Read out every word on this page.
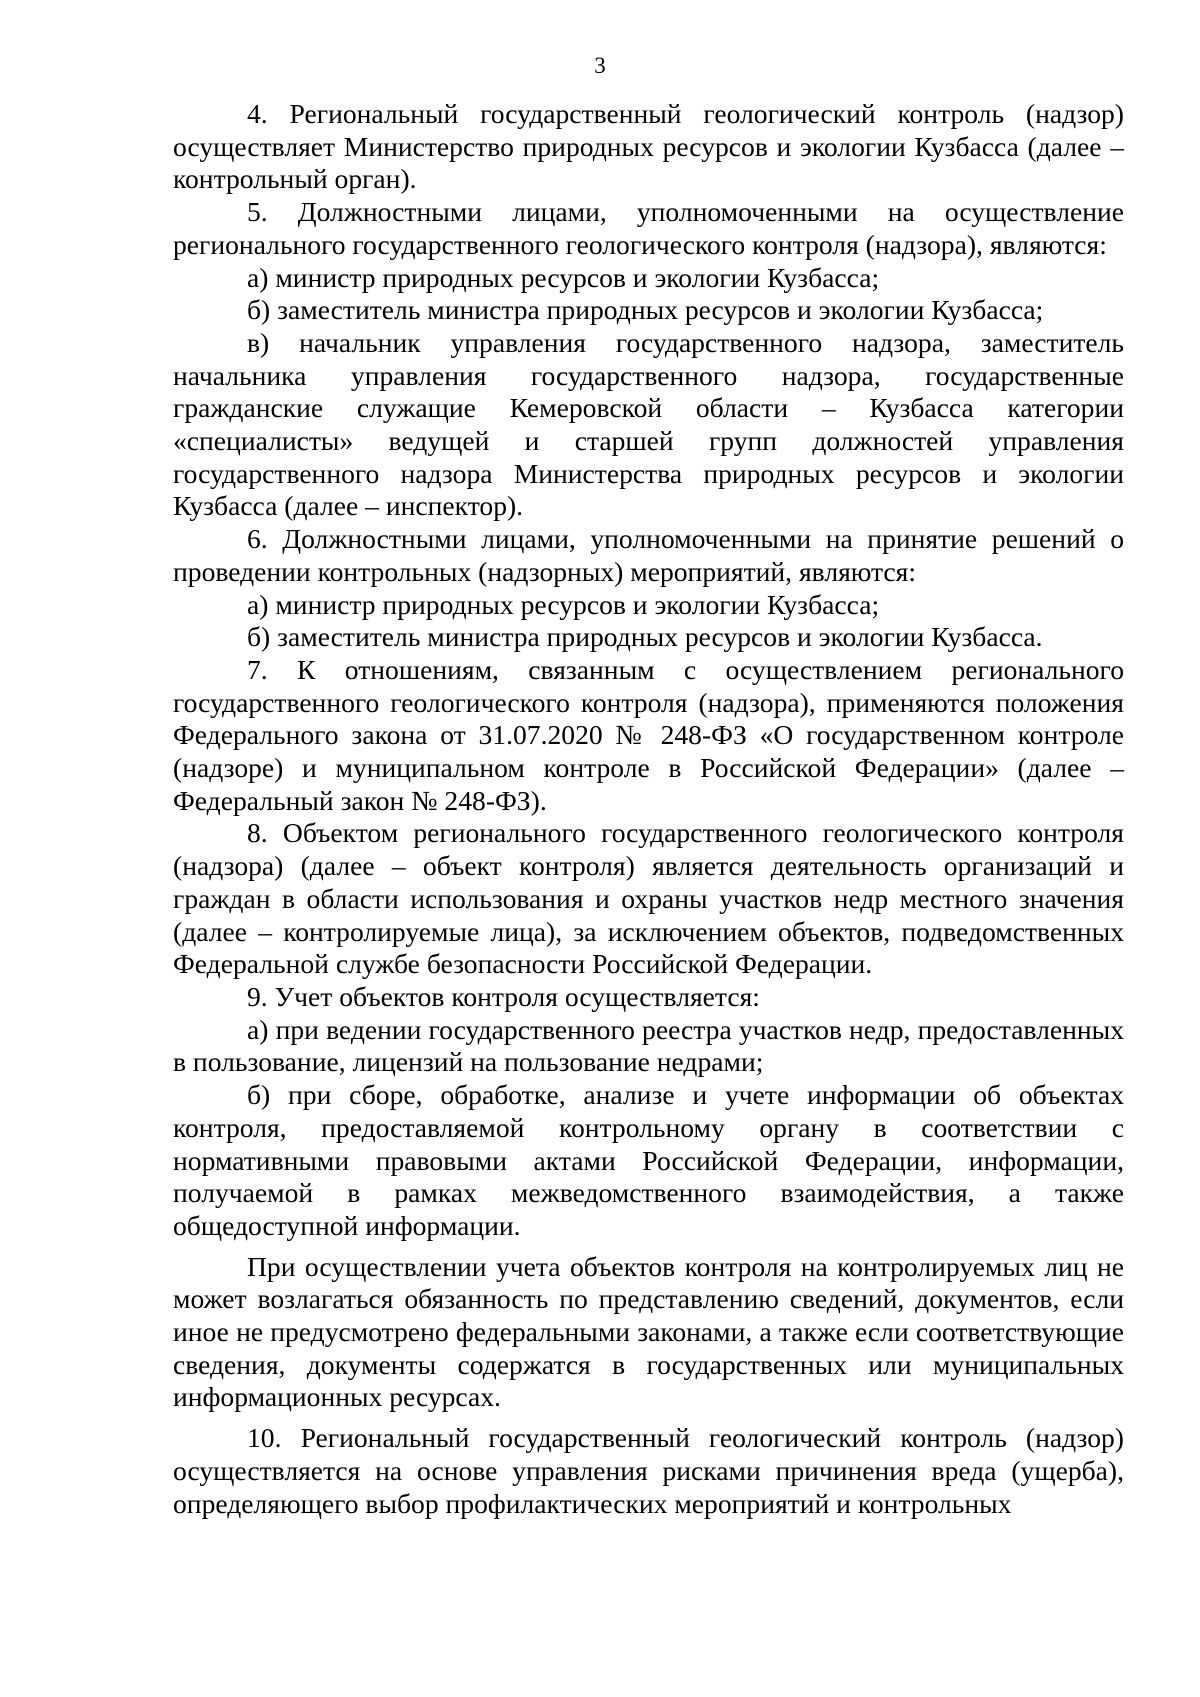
3

4. Региональный государственный геологический контроль (надзор) осуществляет Министерство природных ресурсов и экологии Кузбасса (далее – контрольный орган).

5. Должностными лицами, уполномоченными на осуществление регионального государственного геологического контроля (надзора), являются:

а) министр природных ресурсов и экологии Кузбасса;

б) заместитель министра природных ресурсов и экологии Кузбасса;

в) начальник управления государственного надзора, заместитель начальника управления государственного надзора, государственные гражданские служащие Кемеровской области – Кузбасса категории «специалисты» ведущей и старшей групп должностей управления государственного надзора Министерства природных ресурсов и экологии Кузбасса (далее – инспектор).

6. Должностными лицами, уполномоченными на принятие решений о проведении контрольных (надзорных) мероприятий, являются:

а) министр природных ресурсов и экологии Кузбасса;

б) заместитель министра природных ресурсов и экологии Кузбасса.

7. К отношениям, связанным с осуществлением регионального государственного геологического контроля (надзора), применяются положения Федерального закона от 31.07.2020 № 248-ФЗ «О государственном контроле (надзоре) и муниципальном контроле в Российской Федерации» (далее – Федеральный закон № 248-ФЗ).

8. Объектом регионального государственного геологического контроля (надзора) (далее – объект контроля) является деятельность организаций и граждан в области использования и охраны участков недр местного значения (далее – контролируемые лица), за исключением объектов, подведомственных Федеральной службе безопасности Российской Федерации.

9. Учет объектов контроля осуществляется:

а) при ведении государственного реестра участков недр, предоставленных в пользование, лицензий на пользование недрами;

б) при сборе, обработке, анализе и учете информации об объектах контроля, предоставляемой контрольному органу в соответствии с нормативными правовыми актами Российской Федерации, информации, получаемой в рамках межведомственного взаимодействия, а также общедоступной информации.

При осуществлении учета объектов контроля на контролируемых лиц не может возлагаться обязанность по представлению сведений, документов, если иное не предусмотрено федеральными законами, а также если соответствующие сведения, документы содержатся в государственных или муниципальных информационных ресурсах.

10. Региональный государственный геологический контроль (надзор) осуществляется на основе управления рисками причинения вреда (ущерба), определяющего выбор профилактических мероприятий и контрольных
